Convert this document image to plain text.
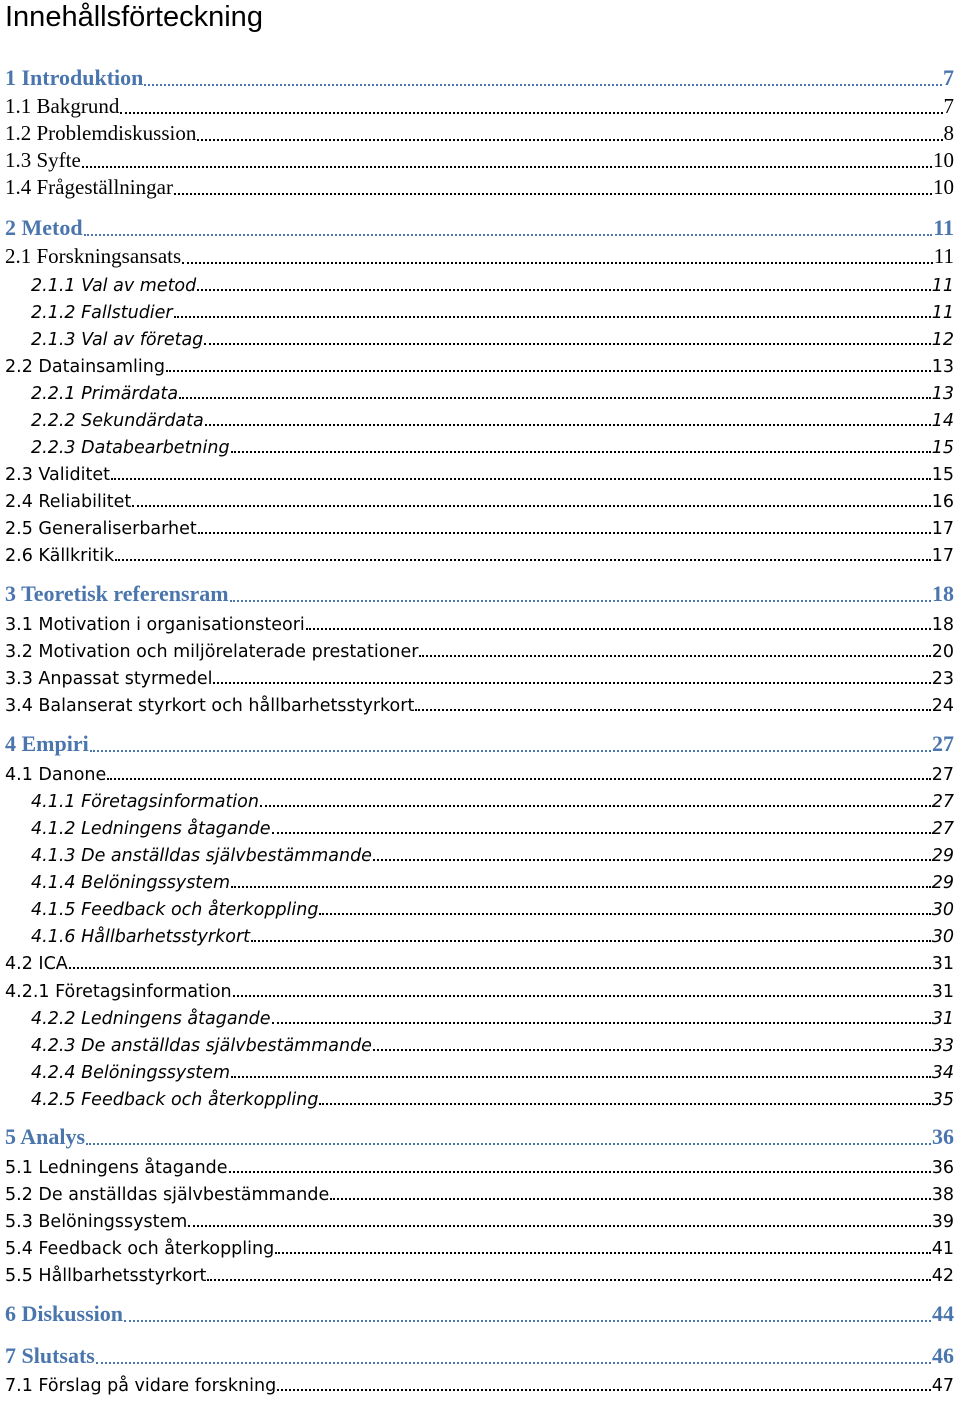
Innehållsförteckning
1 Introduktion	7
1.1 Bakgrund	7
1.2 Problemdiskussion	8
1.3 Syfte	10
1.4 Frågeställningar	10
2 Metod	11
2.1 Forskningsansats	11
2.1.1 Val av metod	11
2.1.2 Fallstudier	11
2.1.3 Val av företag	12
2.2 Datainsamling	13
2.2.1 Primärdata	13
2.2.2 Sekundärdata	14
2.2.3 Databearbetning	15
2.3 Validitet	15
2.4 Reliabilitet	16
2.5 Generaliserbarhet	17
2.6 Källkritik	17
3 Teoretisk referensram	18
3.1 Motivation i organisationsteori	18
3.2 Motivation och miljörelaterade prestationer	20
3.3 Anpassat styrmedel	23
3.4 Balanserat styrkort och hållbarhetsstyrkort	24
4 Empiri	27
4.1 Danone	27
4.1.1 Företagsinformation	27
4.1.2 Ledningens åtagande	27
4.1.3 De anställdas självbestämmande	29
4.1.4 Belöningssystem	29
4.1.5 Feedback och återkoppling	30
4.1.6 Hållbarhetsstyrkort	30
4.2 ICA	31
4.2.1 Företagsinformation	31
4.2.2 Ledningens åtagande	31
4.2.3 De anställdas självbestämmande	33
4.2.4 Belöningssystem	34
4.2.5 Feedback och återkoppling	35
5 Analys	36
5.1 Ledningens åtagande	36
5.2 De anställdas självbestämmande	38
5.3 Belöningssystem	39
5.4 Feedback och återkoppling	41
5.5 Hållbarhetsstyrkort	42
6 Diskussion	44
7 Slutsats	46
7.1 Förslag på vidare forskning	47
